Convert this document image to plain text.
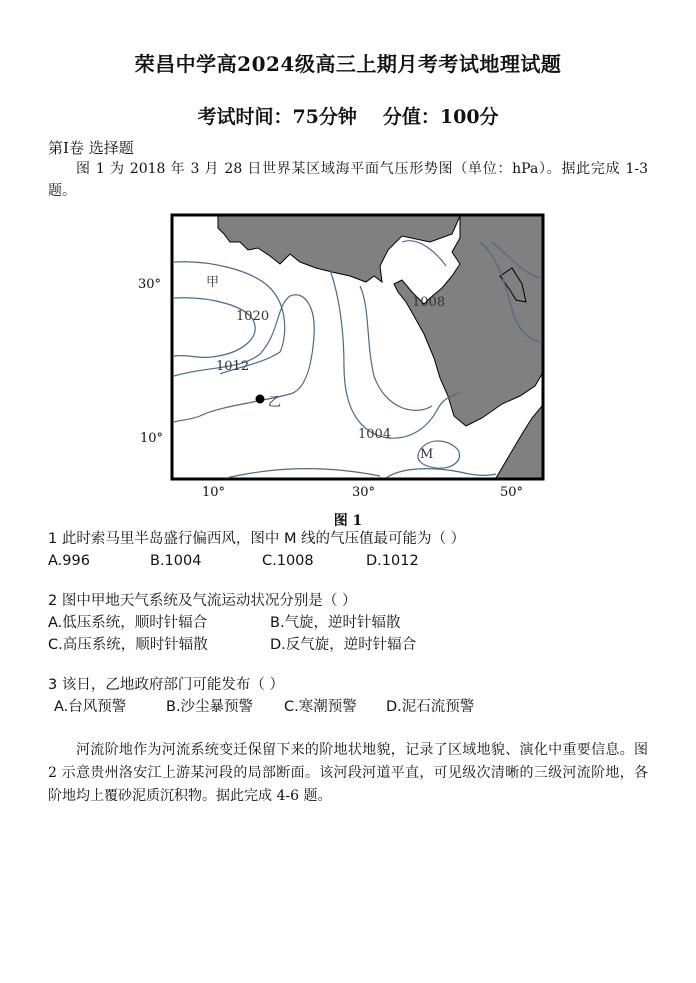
荣昌中学高2024级高三上期月考考试地理试题
考试时间：75分钟 分值：100分
第Ⅰ卷 选择题
图 1 为 2018 年 3 月 28 日世界某区域海平面气压形势图（单位：hPa）。据此完成 1-3 题。
30°
10°
10°	30°	50°
1020
1012
1008
1004
甲
乙
M
图 1
1 此时索马里半岛盛行偏西风，图中 M 线的气压值最可能为（ ）
A.996	B.1004	C.1008	D.1012
2 图中甲地天气系统及气流运动状况分别是（ ）
A.低压系统，顺时针辐合	B.气旋，逆时针辐散
C.高压系统，顺时针辐散	D.反气旋，逆时针辐合
3 该日，乙地政府部门可能发布（ ）
A.台风预警	B.沙尘暴预警 C.寒潮预警 D.泥石流预警
河流阶地作为河流系统变迁保留下来的阶地状地貌，记录了区域地貌、演化中重要信息。图 2 示意贵州洛安江上游某河段的局部断面。该河段河道平直，可见级次清晰的三级河流阶地，各阶地均上覆砂泥质沉积物。据此完成 4-6 题。
